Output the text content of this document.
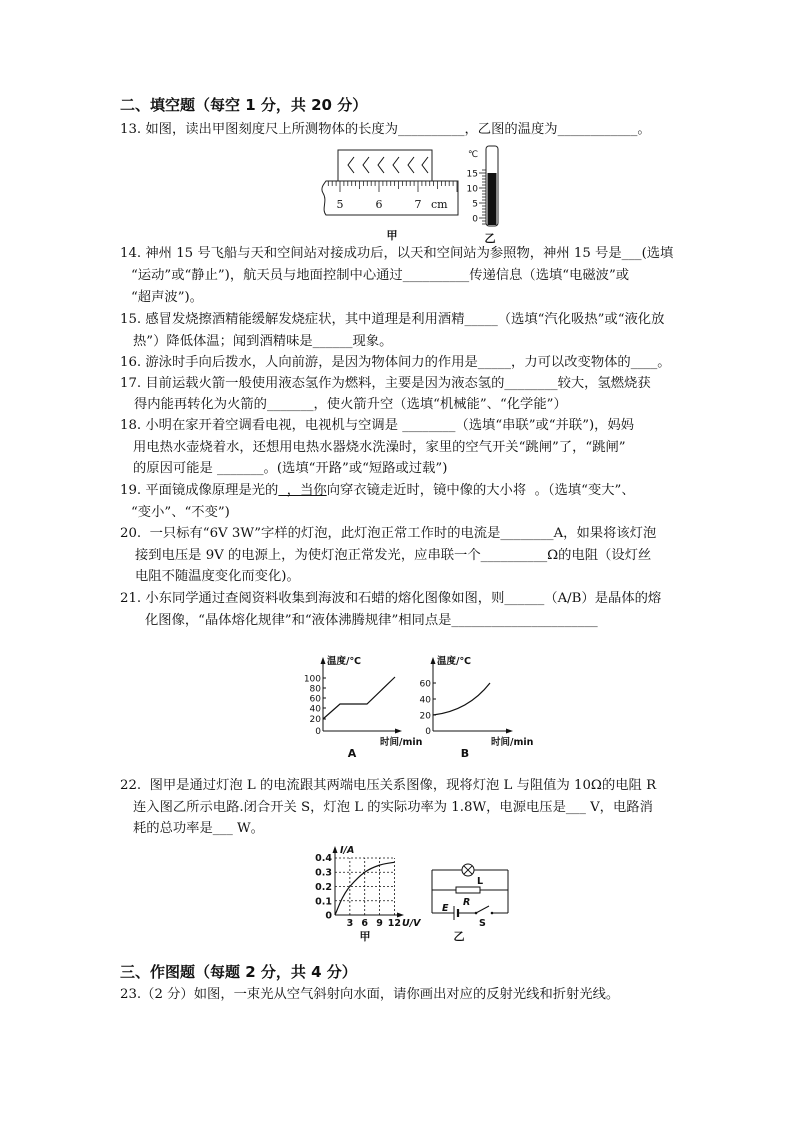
二、填空题（每空 1 分，共 20 分）
13. 如图，读出甲图刻度尺上所测物体的长度为__________，乙图的温度为____________。
5	6	7 cm
甲
℃
15
10
5
0
乙
14. 神州 15 号飞船与天和空间站对接成功后，以天和空间站为参照物，神州 15 号是___(选填
“运动”或“静止”)，航天员与地面控制中心通过__________传递信息（选填“电磁波”或
“超声波”)。
15. 感冒发烧擦酒精能缓解发烧症状，其中道理是利用酒精_____（选填“汽化吸热”或“液化放
热”）降低体温；闻到酒精味是______现象。
16. 游泳时手向后拨水，人向前游，是因为物体间力的作用是_____，力可以改变物体的____。
17. 目前运载火箭一般使用液态氢作为燃料，主要是因为液态氢的________较大，氢燃烧获
得内能再转化为火箭的_______，使火箭升空（选填“机械能”、“化学能”）
18. 小明在家开着空调看电视，电视机与空调是 ________（选填“串联”或“并联”)，妈妈
用电热水壶烧着水，还想用电热水器烧水洗澡时，家里的空气开关“跳闸”了，“跳闸”
的原因可能是 _______。(选填“开路”或“短路或过载”)
19. 平面镜成像原理是光的  ，当你向穿衣镜走近时，镜中像的大小将  。（选填“变大”、
“变小”、“不变”)
20.  一只标有“6V 3W”字样的灯泡，此灯泡正常工作时的电流是________A，如果将该灯泡
接到电压是 9V 的电源上，为使灯泡正常发光，应串联一个__________Ω的电阻（设灯丝
电阻不随温度变化而变化)。
21. 小东同学通过查阅资料收集到海波和石蜡的熔化图像如图，则______（A/B）是晶体的熔
化图像，“晶体熔化规律”和“液体沸腾规律”相同点是______________________
100
80
60
40
20
0
温度/℃
时间/min
A
60
40
20
0
温度/℃
时间/min
B
22.  图甲是通过灯泡 L 的电流跟其两端电压关系图像，现将灯泡 L 与阻值为 10Ω的电阻 R
连入图乙所示电路.闭合开关 S，灯泡 L 的实际功率为 1.8W，电源电压是___ V，电路消
耗的总功率是___ W。
I/A
0.4
0.3
0.2
0.1
0
3 6 9 12 U/V
甲
L
R
E
S
乙
三、作图题（每题 2 分，共 4 分）
23.（2 分）如图，一束光从空气斜射向水面，请你画出对应的反射光线和折射光线。
